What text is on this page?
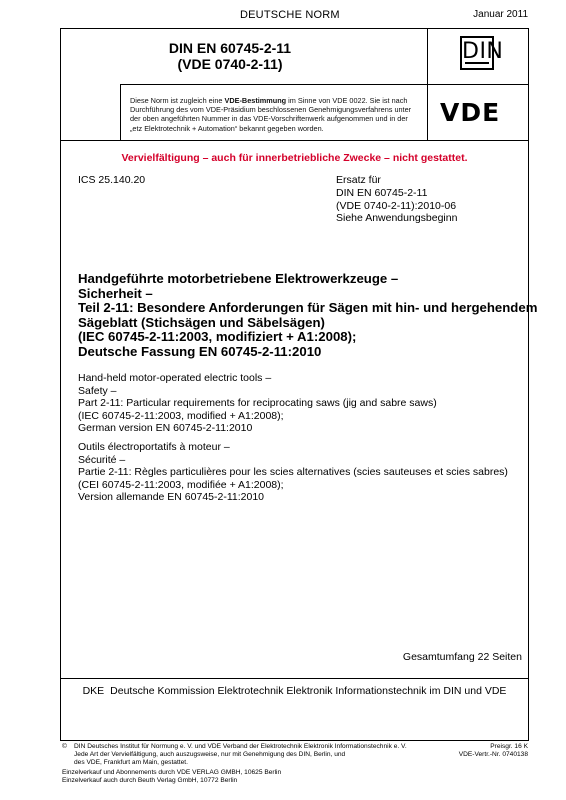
DEUTSCHE NORM	Januar 2011
DIN EN 60745-2-11
(VDE 0740-2-11)	DIN
Diese Norm ist zugleich eine VDE-Bestimmung im Sinne von VDE 0022. Sie ist nach Durchführung des vom VDE-Präsidium beschlossenen Genehmigungsverfahrens unter der oben angeführten Nummer in das VDE-Vorschriftenwerk aufgenommen und in der „etz Elektrotechnik + Automation“ bekannt gegeben worden.
VDE
Vervielfältigung – auch für innerbetriebliche Zwecke – nicht gestattet.
ICS 25.140.20	Ersatz für
DIN EN 60745-2-11
(VDE 0740-2-11):2010-06
Siehe Anwendungsbeginn
Handgeführte motorbetriebene Elektrowerkzeuge –
Sicherheit –
Teil 2-11: Besondere Anforderungen für Sägen mit hin- und hergehendem
Sägeblatt (Stichsägen und Säbelsägen)
(IEC 60745-2-11:2003, modifiziert + A1:2008);
Deutsche Fassung EN 60745-2-11:2010
Hand-held motor-operated electric tools –
Safety –
Part 2-11: Particular requirements for reciprocating saws (jig and sabre saws)
(IEC 60745-2-11:2003, modified + A1:2008);
German version EN 60745-2-11:2010
Outils électroportatifs à moteur –
Sécurité –
Partie 2-11: Règles particulières pour les scies alternatives (scies sauteuses et scies sabres)
(CEI 60745-2-11:2003, modifiée + A1:2008);
Version allemande EN 60745-2-11:2010
Gesamtumfang 22 Seiten
DKE Deutsche Kommission Elektrotechnik Elektronik Informationstechnik im DIN und VDE
© DIN Deutsches Institut für Normung e. V. und VDE Verband der Elektrotechnik Elektronik Informationstechnik e. V.
Jede Art der Vervielfältigung, auch auszugsweise, nur mit Genehmigung des DIN, Berlin, und
des VDE, Frankfurt am Main, gestattet.
Preisgr. 16 K
VDE-Vertr.-Nr. 0740138
Einzelverkauf und Abonnements durch VDE VERLAG GMBH, 10625 Berlin
Einzelverkauf auch durch Beuth Verlag GmbH, 10772 Berlin
